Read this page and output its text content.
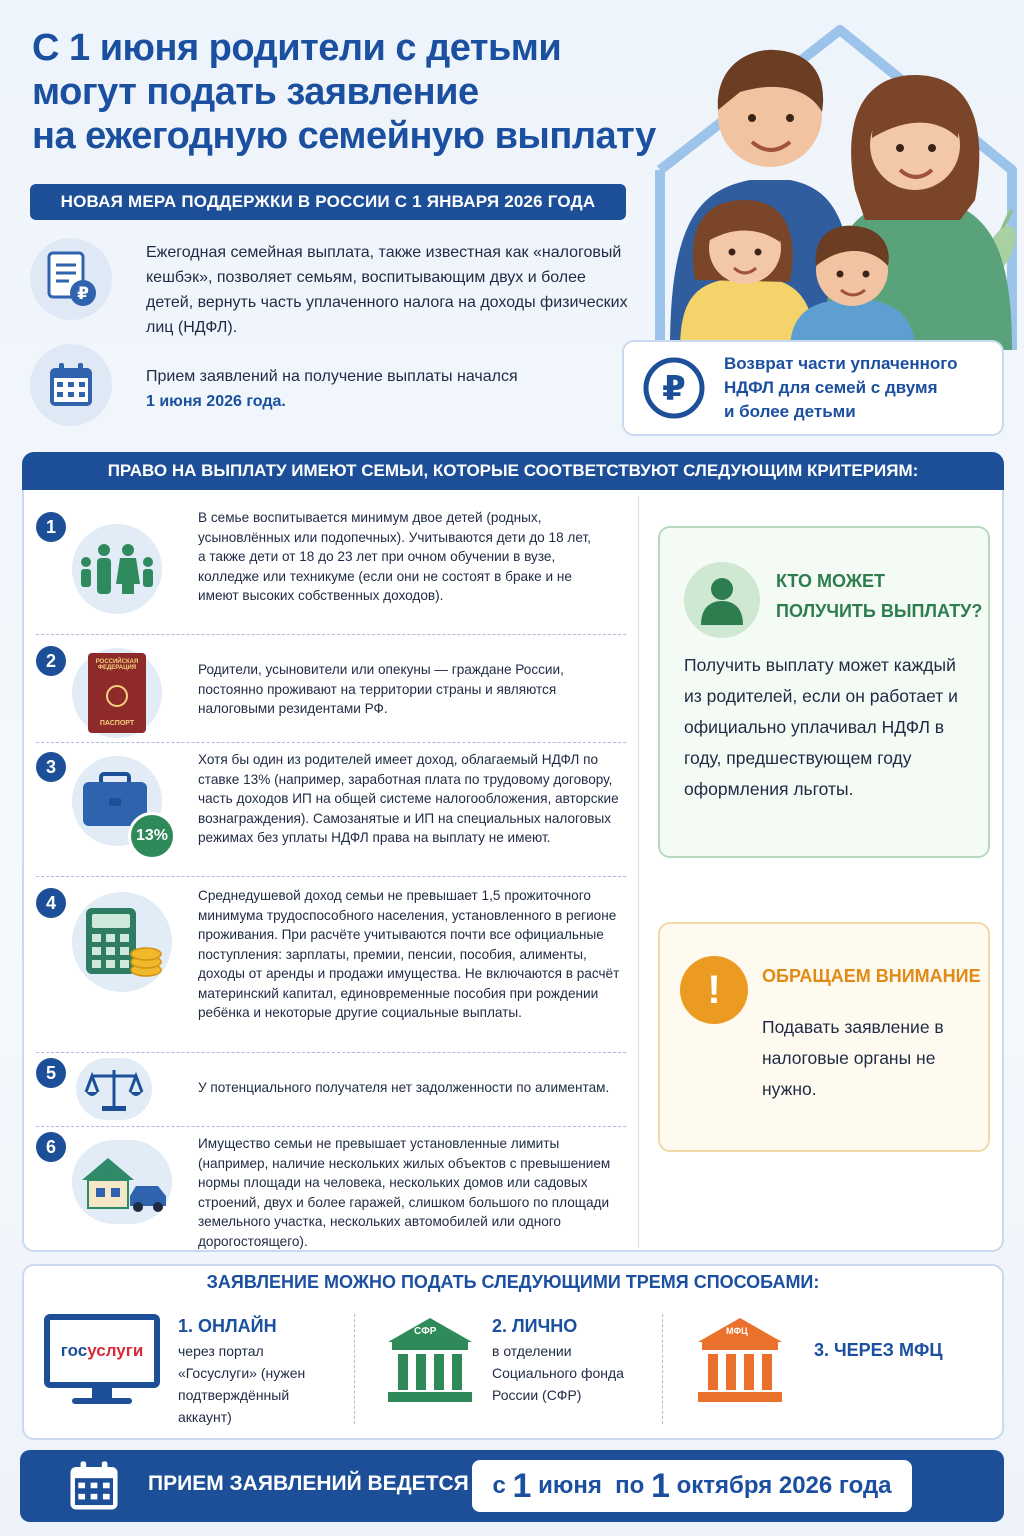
С 1 июня родители с детьми
могут подать заявление
на ежегодную семейную выплату
НОВАЯ МЕРА ПОДДЕРЖКИ В РОССИИ С 1 ЯНВАРЯ 2026 ГОДА
₽
Ежегодная семейная выплата, также известная как «налоговый кешбэк», позволяет семьям, воспитывающим двух и более детей, вернуть часть уплаченного налога на доходы физических лиц (НДФЛ).
Прием заявлений на получение выплаты начался 1 июня 2026 года.	₽
Возврат части уплаченного
НДФЛ для семей с двумя
и более детьми
ПРАВО НА ВЫПЛАТУ ИМЕЮТ СЕМЬИ, КОТОРЫЕ СООТВЕТСТВУЮТ СЛЕДУЮЩИМ КРИТЕРИЯМ:
1	В семье воспитывается минимум двое детей (родных, усыновлённых или подопечных). Учитываются дети до 18 лет, а также дети от 18 до 23 лет при очном обучении в вузе, колледже или техникуме (если они не состоят в браке и не имеют высоких собственных доходов).
2	РОССИЙСКАЯ ФЕДЕРАЦИЯ
ПАСПОРТ
Родители, усыновители или опекуны — граждане России, постоянно проживают на территории страны и являются налоговыми резидентами РФ.
3
13%
Хотя бы один из родителей имеет доход, облагаемый НДФЛ по ставке 13% (например, заработная плата по трудовому договору, часть доходов ИП на общей системе налогообложения, авторские вознаграждения). Самозанятые и ИП на специальных налоговых режимах без уплаты НДФЛ права на выплату не имеют.
4	Среднедушевой доход семьи не превышает 1,5 прожиточного минимума трудоспособного населения, установленного в регионе проживания. При расчёте учитываются почти все официальные поступления: зарплаты, премии, пенсии, пособия, алименты, доходы от аренды и продажи имущества. Не включаются в расчёт материнский капитал, единовременные пособия при рождении ребёнка и некоторые другие социальные выплаты.
5
У потенциального получателя нет задолженности по алиментам.
6	Имущество семьи не превышает установленные лимиты (например, наличие нескольких жилых объектов с превышением нормы площади на человека, нескольких домов или садовых строений, двух и более гаражей, слишком большого по площади земельного участка, нескольких автомобилей или одного дорогостоящего).
КТО МОЖЕТ
ПОЛУЧИТЬ ВЫПЛАТУ?
Получить выплату может каждый из родителей, если он работает и официально уплачивал НДФЛ в году, предшествующем году оформления льготы.
!	ОБРАЩАЕМ ВНИМАНИЕ
Подавать заявление в налоговые органы не нужно.
ЗАЯВЛЕНИЕ МОЖНО ПОДАТЬ СЛЕДУЮЩИМИ ТРЕМЯ СПОСОБАМИ:
гос услуги
1. ОНЛАЙН
через портал «Госуслуги» (нужен подтверждённый аккаунт)
СФР	2. ЛИЧНО
в отделении Социального фонда России (СФР)
МФЦ
3. ЧЕРЕЗ МФЦ
ПРИЕМ ЗАЯВЛЕНИЙ ВЕДЕТСЯ с
1
июня
по
1
октября 2026 года
